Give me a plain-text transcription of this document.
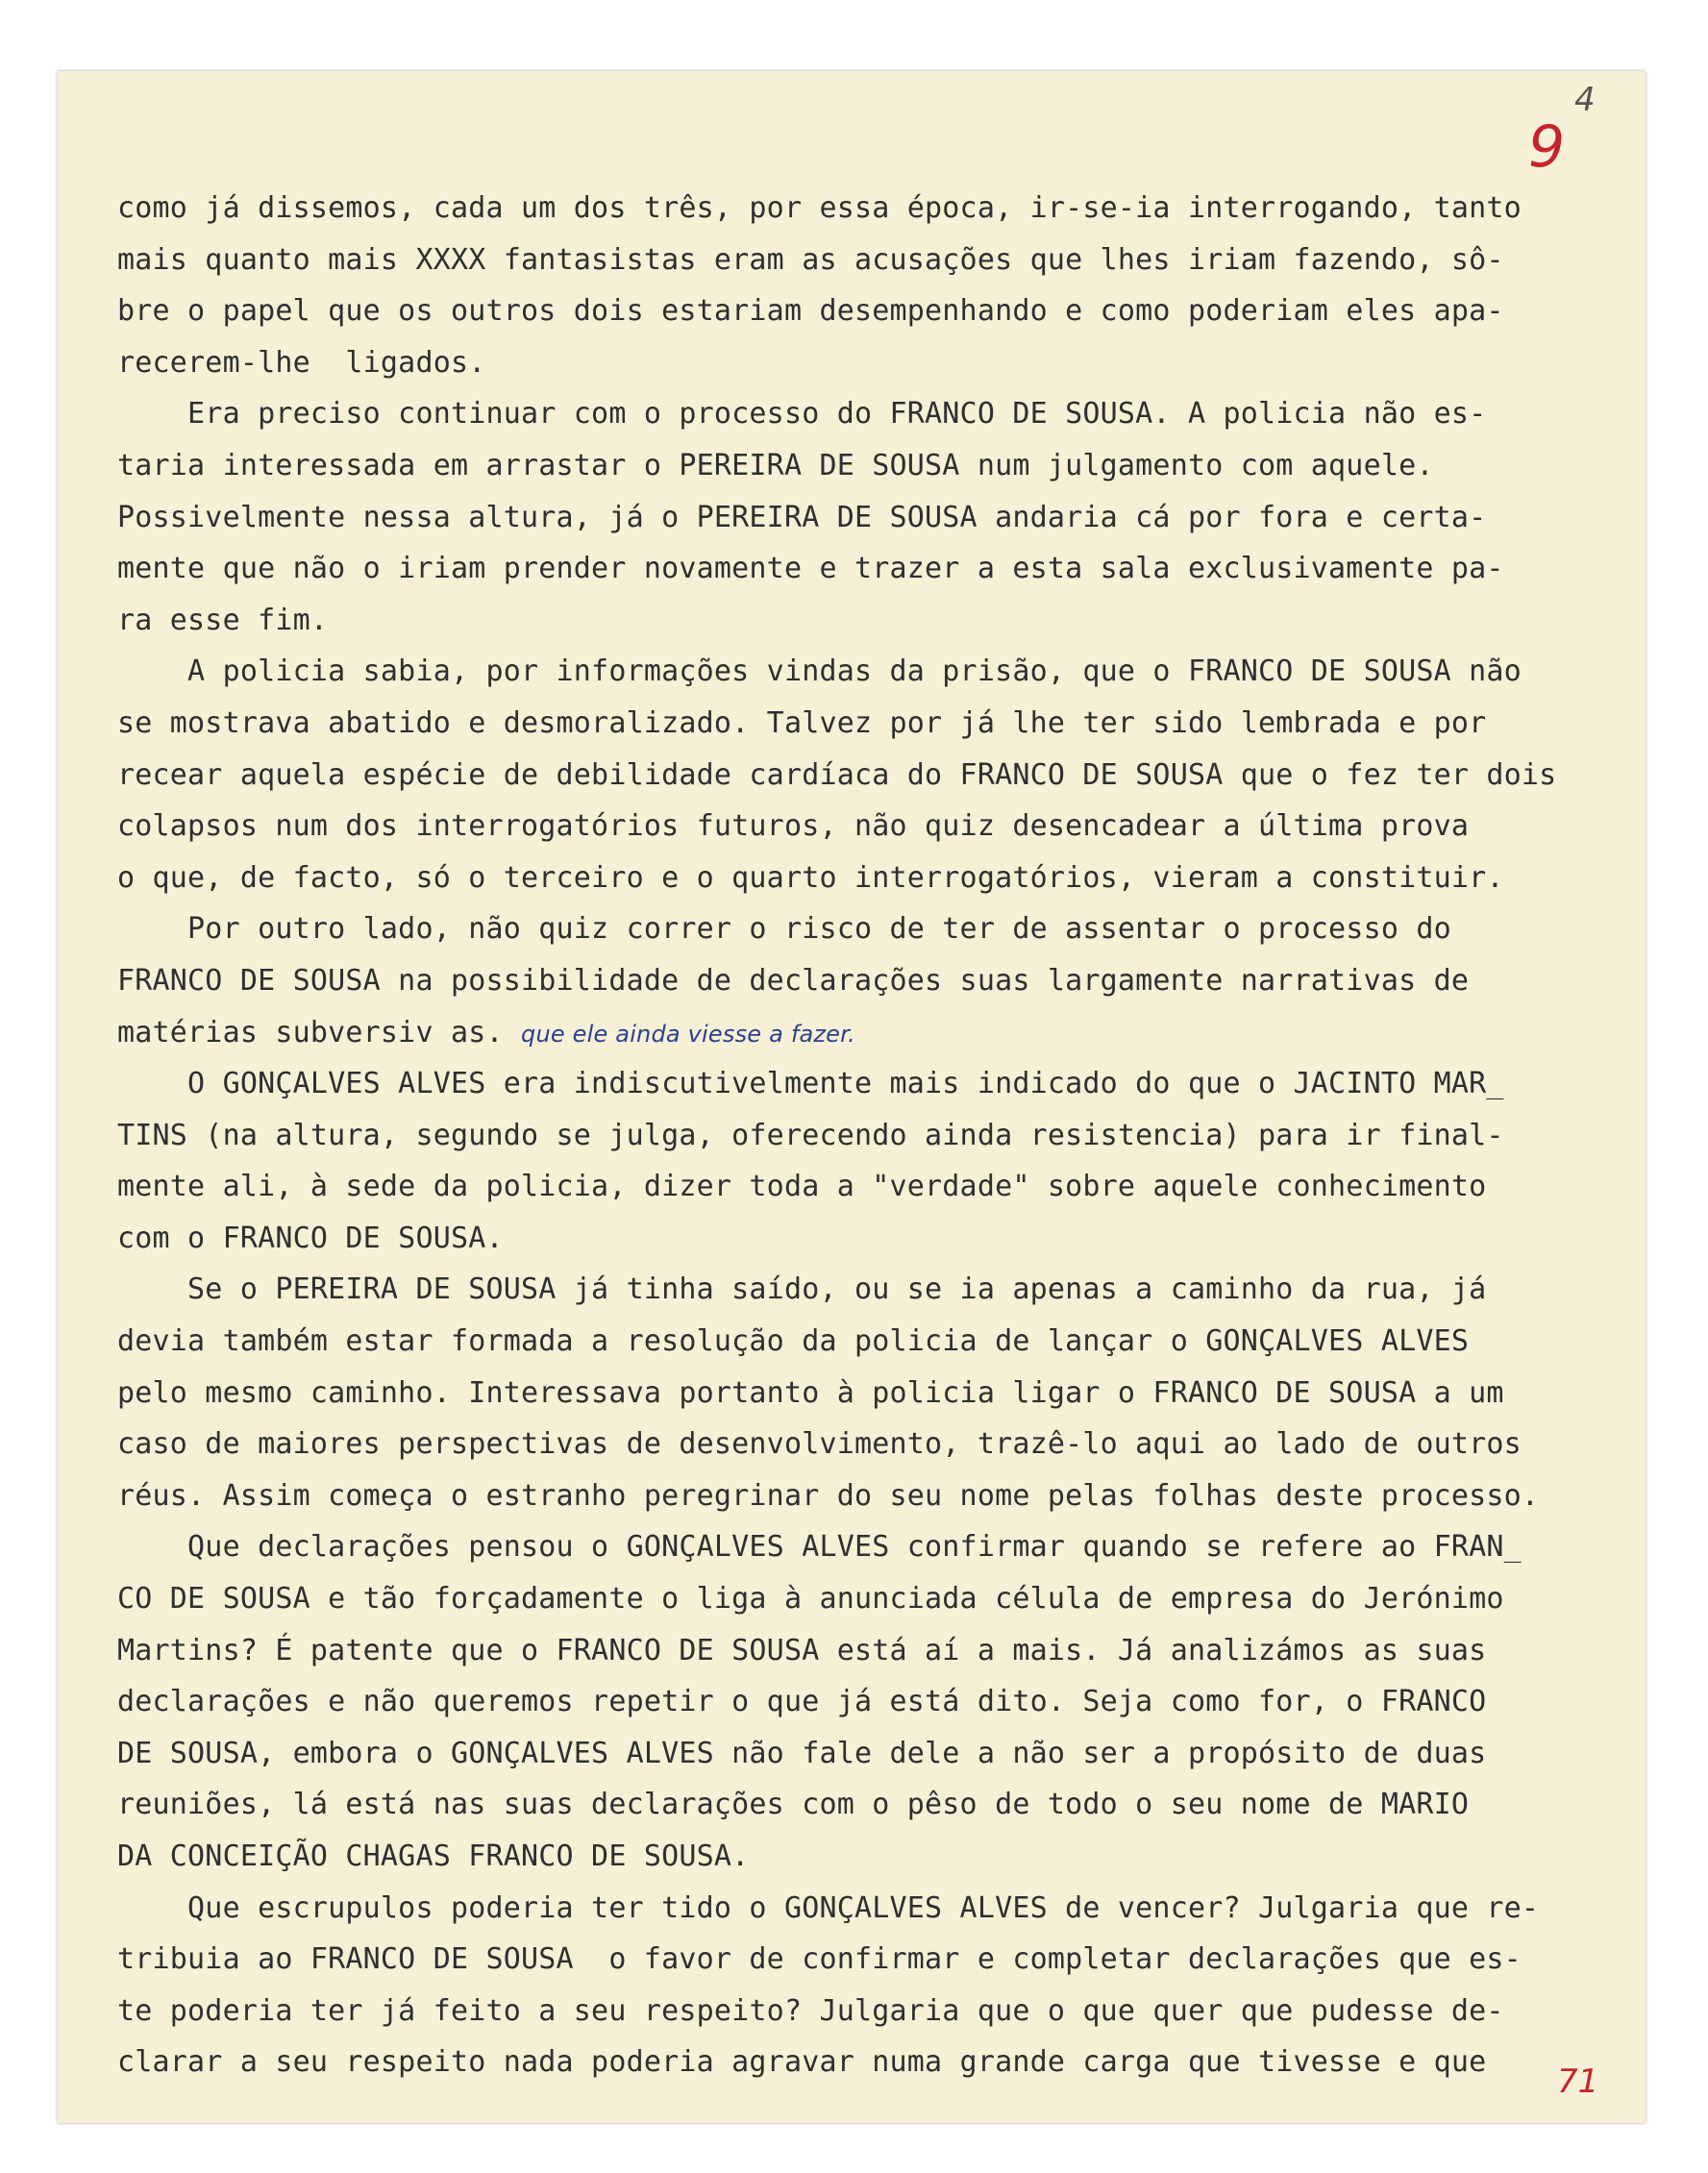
4
9
como já dissemos, cada um dos três, por essa época, ir-se-ia interrogando, tanto
mais quanto mais XXXX fantasistas eram as acusações que lhes iriam fazendo, sô-
bre o papel que os outros dois estariam desempenhando e como poderiam eles apa-
recerem-lhe  ligados.
Era preciso continuar com o processo do FRANCO DE SOUSA. A policia não es-
taria interessada em arrastar o PEREIRA DE SOUSA num julgamento com aquele.
Possivelmente nessa altura, já o PEREIRA DE SOUSA andaria cá por fora e certa-
mente que não o iriam prender novamente e trazer a esta sala exclusivamente pa-
ra esse fim.
A policia sabia, por informações vindas da prisão, que o FRANCO DE SOUSA não
se mostrava abatido e desmoralizado. Talvez por já lhe ter sido lembrada e por
recear aquela espécie de debilidade cardíaca do FRANCO DE SOUSA que o fez ter dois
colapsos num dos interrogatórios futuros, não quiz desencadear a última prova
o que, de facto, só o terceiro e o quarto interrogatórios, vieram a constituir.
Por outro lado, não quiz correr o risco de ter de assentar o processo do
FRANCO DE SOUSA na possibilidade de declarações suas largamente narrativas de
matérias subversiv as. que ele ainda viesse a fazer.
O GONÇALVES ALVES era indiscutivelmente mais indicado do que o JACINTO MAR_
TINS (na altura, segundo se julga, oferecendo ainda resistencia) para ir final-
mente ali, à sede da policia, dizer toda a "verdade" sobre aquele conhecimento
com o FRANCO DE SOUSA.
Se o PEREIRA DE SOUSA já tinha saído, ou se ia apenas a caminho da rua, já
devia também estar formada a resolução da policia de lançar o GONÇALVES ALVES
pelo mesmo caminho. Interessava portanto à policia ligar o FRANCO DE SOUSA a um
caso de maiores perspectivas de desenvolvimento, trazê-lo aqui ao lado de outros
réus. Assim começa o estranho peregrinar do seu nome pelas folhas deste processo.
Que declarações pensou o GONÇALVES ALVES confirmar quando se refere ao FRAN_
CO DE SOUSA e tão forçadamente o liga à anunciada célula de empresa do Jerónimo
Martins? É patente que o FRANCO DE SOUSA está aí a mais. Já analizámos as suas
declarações e não queremos repetir o que já está dito. Seja como for, o FRANCO
DE SOUSA, embora o GONÇALVES ALVES não fale dele a não ser a propósito de duas
reuniões, lá está nas suas declarações com o pêso de todo o seu nome de MARIO
DA CONCEIÇÃO CHAGAS FRANCO DE SOUSA.
Que escrupulos poderia ter tido o GONÇALVES ALVES de vencer? Julgaria que re-
tribuia ao FRANCO DE SOUSA  o favor de confirmar e completar declarações que es-
te poderia ter já feito a seu respeito? Julgaria que o que quer que pudesse de-
clarar a seu respeito nada poderia agravar numa grande carga que tivesse e que
71
